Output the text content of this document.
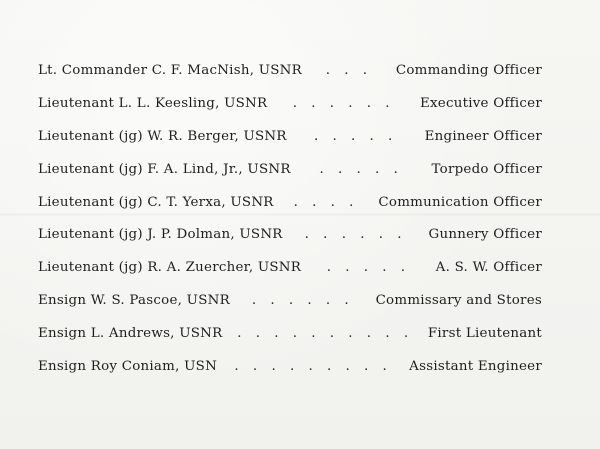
Lt. Commander C. F. MacNish, USNR	. . .	Commanding Officer
Lieutenant L. L. Keesling, USNR	. . . . . .	Executive Officer
Lieutenant (jg) W. R. Berger, USNR	. . . . .	Engineer Officer
Lieutenant (jg) F. A. Lind, Jr., USNR	. . . . .	Torpedo Officer
Lieutenant (jg) C. T. Yerxa, USNR	. . . .	Communication Officer
Lieutenant (jg) J. P. Dolman, USNR	. . . . . .	Gunnery Officer
Lieutenant (jg) R. A. Zuercher, USNR	. . . . .	A. S. W. Officer
Ensign W. S. Pascoe, USNR	. . . . . .	Commissary and Stores
Ensign L. Andrews, USNR	. . . . . . . . . .	First Lieutenant
Ensign Roy Coniam, USN	. . . . . . . . .	Assistant Engineer
